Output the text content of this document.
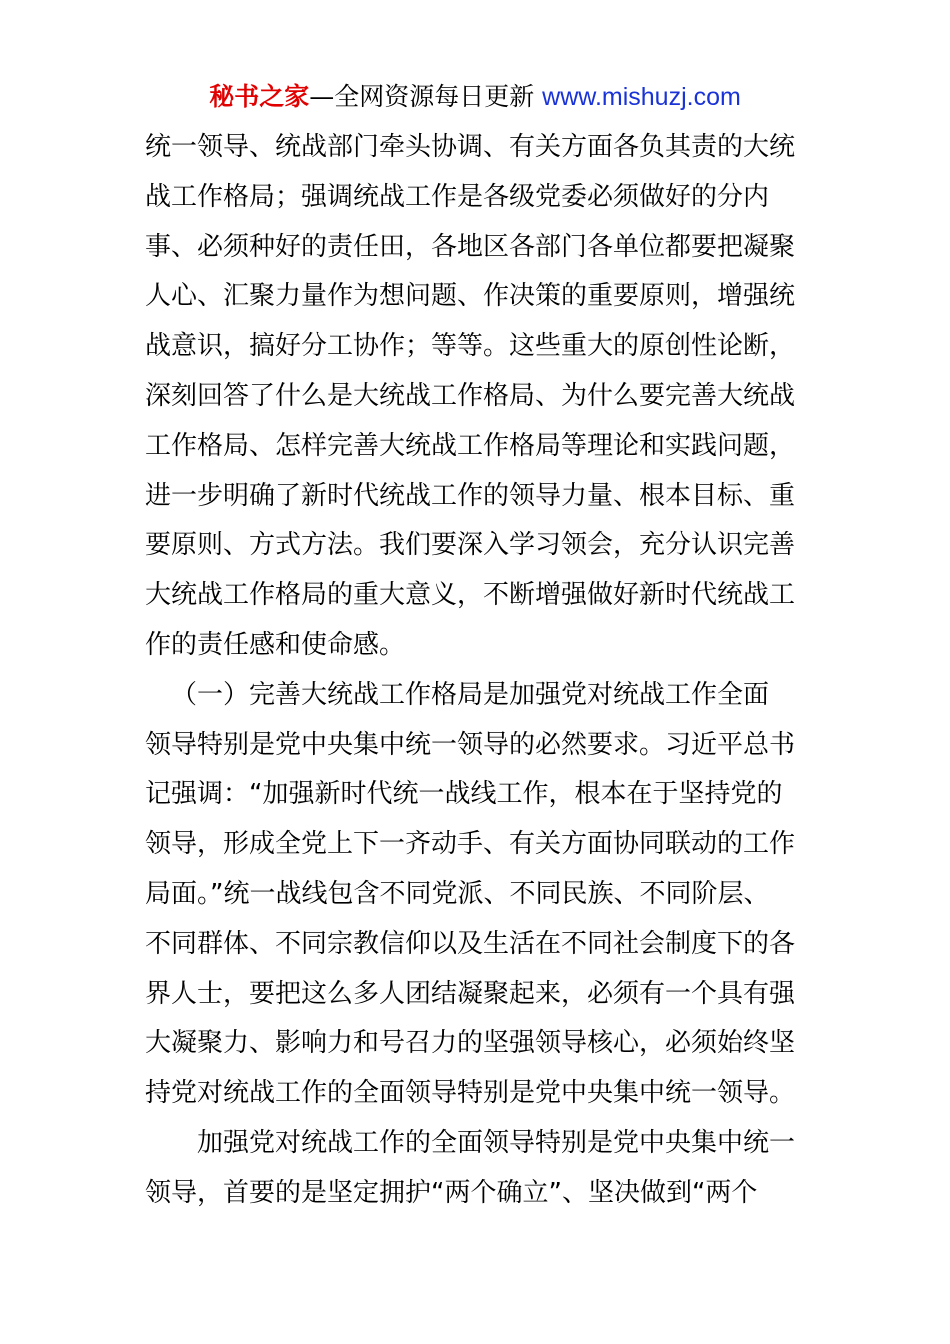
秘书之家—全网资源每日更新 www.mishuzj.com
统一领导、统战部门牵头协调、有关方面各负其责的大统
战工作格局；强调统战工作是各级党委必须做好的分内
事、必须种好的责任田，各地区各部门各单位都要把凝聚
人心、汇聚力量作为想问题、作决策的重要原则，增强统
战意识，搞好分工协作；等等。这些重大的原创性论断，
深刻回答了什么是大统战工作格局、为什么要完善大统战
工作格局、怎样完善大统战工作格局等理论和实践问题，
进一步明确了新时代统战工作的领导力量、根本目标、重
要原则、方式方法。我们要深入学习领会，充分认识完善
大统战工作格局的重大意义，不断增强做好新时代统战工
作的责任感和使命感。
（一）完善大统战工作格局是加强党对统战工作全面
领导特别是党中央集中统一领导的必然要求。习近平总书
记强调：“加强新时代统一战线工作，根本在于坚持党的
领导，形成全党上下一齐动手、有关方面协同联动的工作
局面。”统一战线包含不同党派、不同民族、不同阶层、
不同群体、不同宗教信仰以及生活在不同社会制度下的各
界人士，要把这么多人团结凝聚起来，必须有一个具有强
大凝聚力、影响力和号召力的坚强领导核心，必须始终坚
持党对统战工作的全面领导特别是党中央集中统一领导。
加强党对统战工作的全面领导特别是党中央集中统一
领导，首要的是坚定拥护“两个确立”、坚决做到“两个
